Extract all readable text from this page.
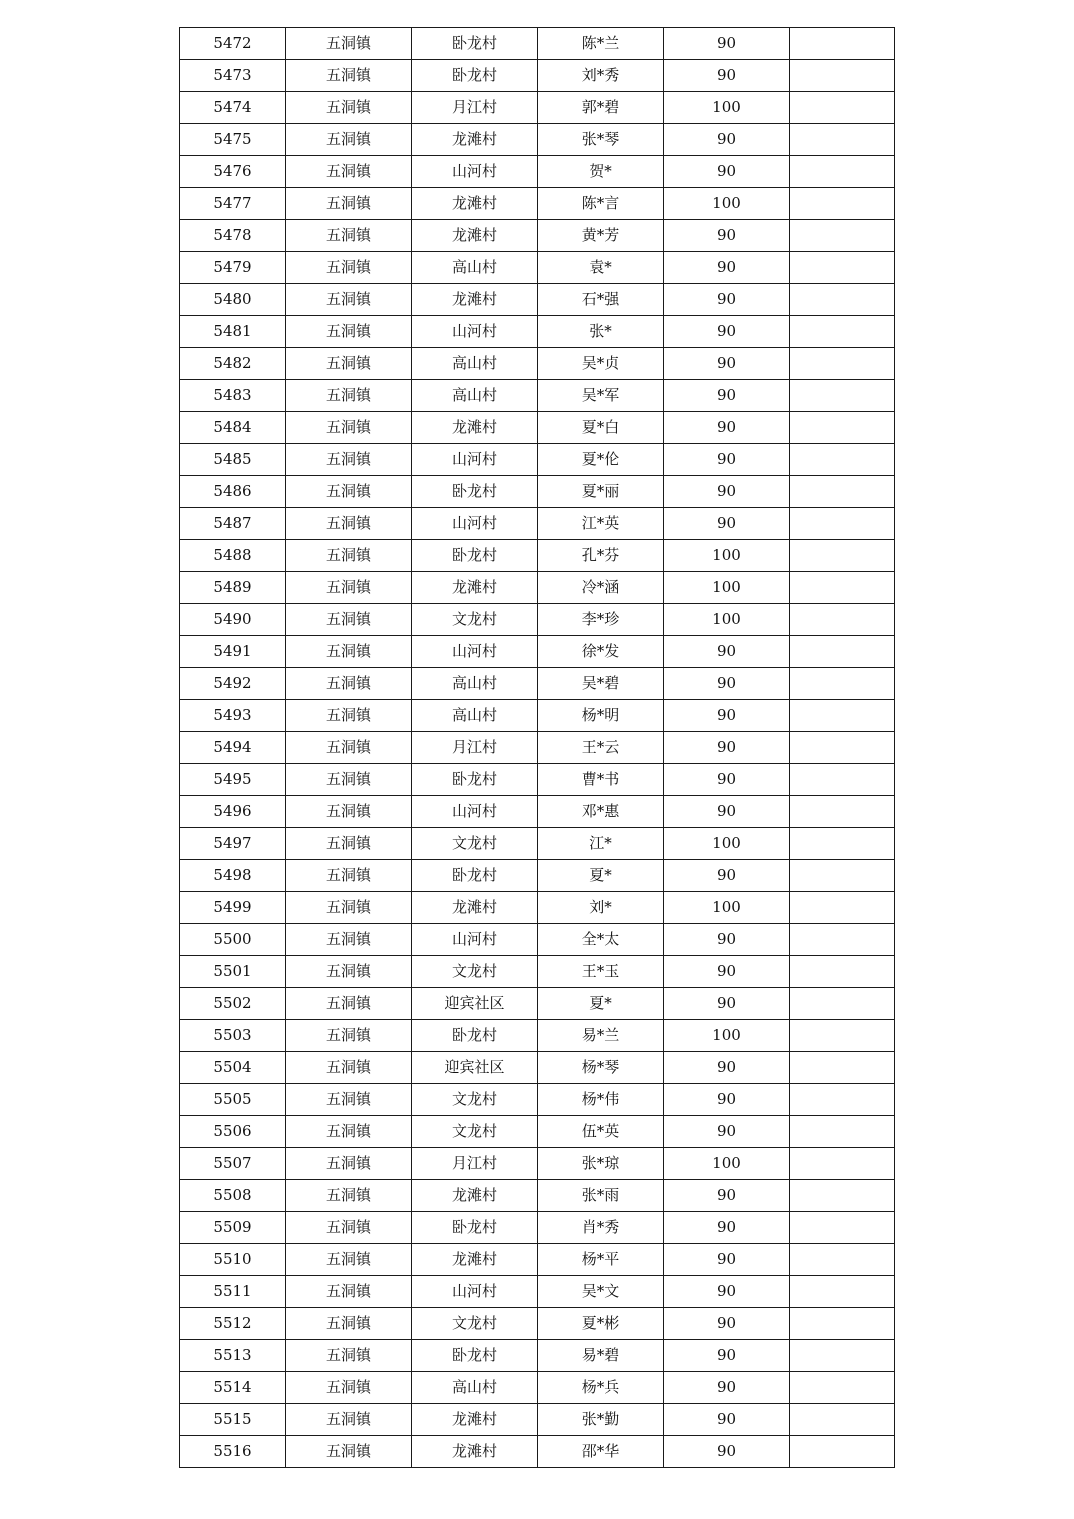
5472	五洞镇	卧龙村	陈*兰	90	
5473	五洞镇	卧龙村	刘*秀	90	
5474	五洞镇	月江村	郭*碧	100	
5475	五洞镇	龙滩村	张*琴	90	
5476	五洞镇	山河村	贺*	90	
5477	五洞镇	龙滩村	陈*言	100	
5478	五洞镇	龙滩村	黄*芳	90	
5479	五洞镇	高山村	袁*	90	
5480	五洞镇	龙滩村	石*强	90	
5481	五洞镇	山河村	张*	90	
5482	五洞镇	高山村	吴*贞	90	
5483	五洞镇	高山村	吴*军	90	
5484	五洞镇	龙滩村	夏*白	90	
5485	五洞镇	山河村	夏*伦	90	
5486	五洞镇	卧龙村	夏*丽	90	
5487	五洞镇	山河村	江*英	90	
5488	五洞镇	卧龙村	孔*芬	100	
5489	五洞镇	龙滩村	冷*涵	100	
5490	五洞镇	文龙村	李*珍	100	
5491	五洞镇	山河村	徐*发	90	
5492	五洞镇	高山村	吴*碧	90	
5493	五洞镇	高山村	杨*明	90	
5494	五洞镇	月江村	王*云	90	
5495	五洞镇	卧龙村	曹*书	90	
5496	五洞镇	山河村	邓*惠	90	
5497	五洞镇	文龙村	江*	100	
5498	五洞镇	卧龙村	夏*	90	
5499	五洞镇	龙滩村	刘*	100	
5500	五洞镇	山河村	全*太	90	
5501	五洞镇	文龙村	王*玉	90	
5502	五洞镇	迎宾社区	夏*	90	
5503	五洞镇	卧龙村	易*兰	100	
5504	五洞镇	迎宾社区	杨*琴	90	
5505	五洞镇	文龙村	杨*伟	90	
5506	五洞镇	文龙村	伍*英	90	
5507	五洞镇	月江村	张*琼	100	
5508	五洞镇	龙滩村	张*雨	90	
5509	五洞镇	卧龙村	肖*秀	90	
5510	五洞镇	龙滩村	杨*平	90	
5511	五洞镇	山河村	吴*文	90	
5512	五洞镇	文龙村	夏*彬	90	
5513	五洞镇	卧龙村	易*碧	90	
5514	五洞镇	高山村	杨*兵	90	
5515	五洞镇	龙滩村	张*勤	90	
5516	五洞镇	龙滩村	邵*华	90	
